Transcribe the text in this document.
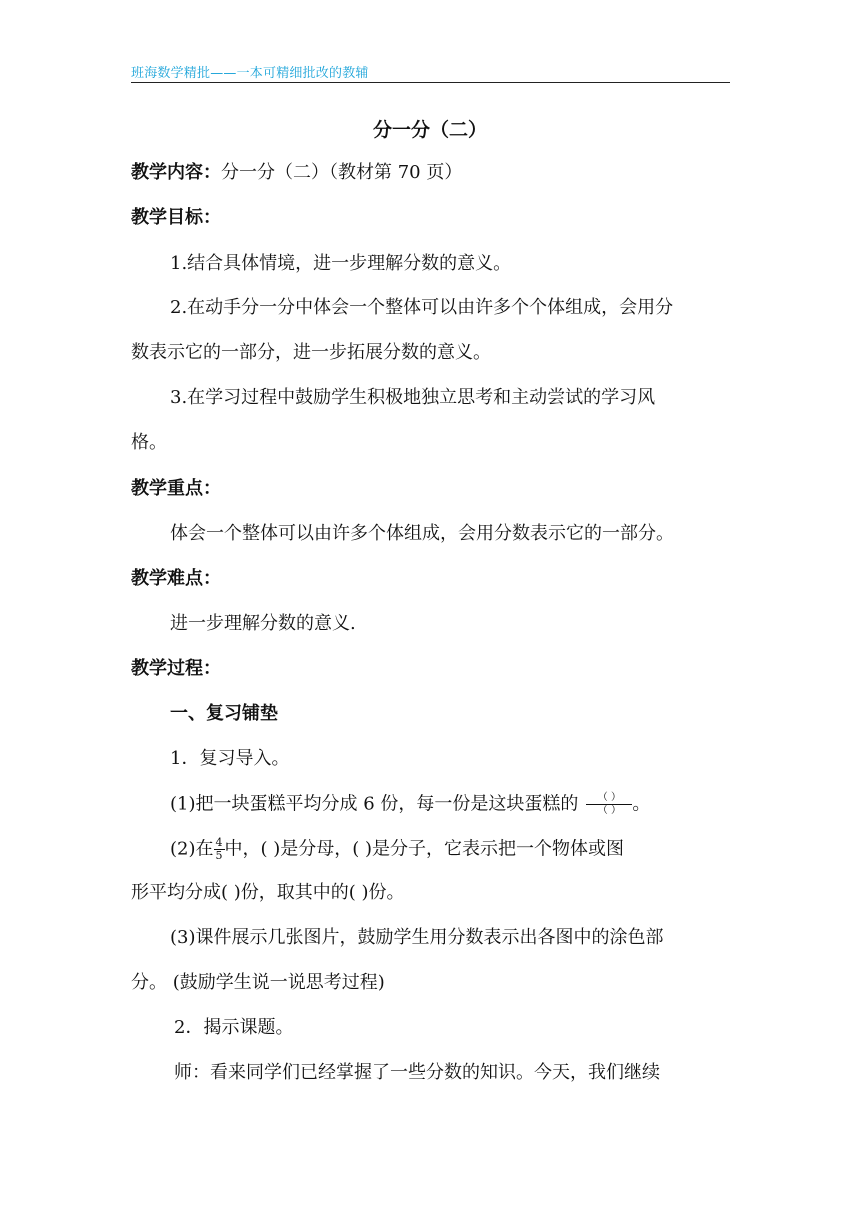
班海数学精批——一本可精细批改的教辅
分一分（二）
教学内容：分一分（二）（教材第 70 页）
教学目标：
1.结合具体情境，进一步理解分数的意义。
2.在动手分一分中体会一个整体可以由许多个个体组成，会用分
数表示它的一部分，进一步拓展分数的意义。
3.在学习过程中鼓励学生积极地独立思考和主动尝试的学习风
格。
教学重点：
体会一个整体可以由许多个体组成，会用分数表示它的一部分。
教学难点：
进一步理解分数的意义.
教学过程：
一、复习铺垫
1．复习导入。
(1)把一块蛋糕平均分成 6 份，每一份是这块蛋糕的 $\frac{( )}{( )}$ 。
(2)在 $\frac{4}{5}$ 中，( )是分母，( )是分子，它表示把一个物体或图
形平均分成( )份，取其中的( )份。
(3)课件展示几张图片，鼓励学生用分数表示出各图中的涂色部
分。 (鼓励学生说一说思考过程)
2．揭示课题。
师：看来同学们已经掌握了一些分数的知识。今天，我们继续
